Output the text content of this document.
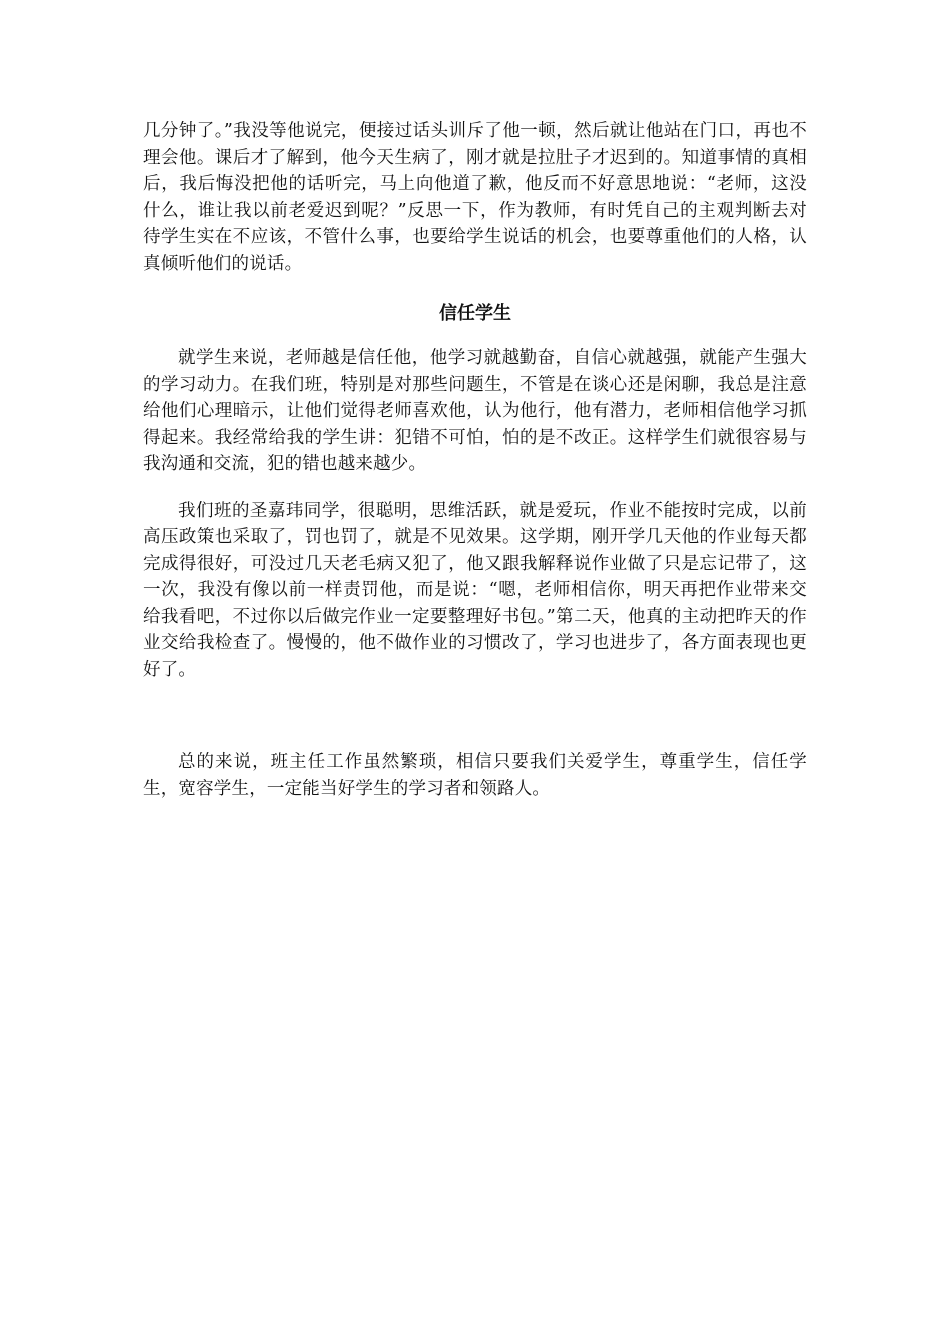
几分钟了。”我没等他说完，便接过话头训斥了他一顿，然后就让他站在门口，再也不理会他。课后才了解到，他今天生病了，刚才就是拉肚子才迟到的。知道事情的真相后，我后悔没把他的话听完，马上向他道了歉，他反而不好意思地说：“老师，这没什么，谁让我以前老爱迟到呢？”反思一下，作为教师，有时凭自己的主观判断去对待学生实在不应该，不管什么事，也要给学生说话的机会，也要尊重他们的人格，认真倾听他们的说话。

信任学生

就学生来说，老师越是信任他，他学习就越勤奋，自信心就越强，就能产生强大的学习动力。在我们班，特别是对那些问题生，不管是在谈心还是闲聊，我总是注意给他们心理暗示，让他们觉得老师喜欢他，认为他行，他有潜力，老师相信他学习抓得起来。我经常给我的学生讲：犯错不可怕，怕的是不改正。这样学生们就很容易与我沟通和交流，犯的错也越来越少。

我们班的圣嘉玮同学，很聪明，思维活跃，就是爱玩，作业不能按时完成，以前高压政策也采取了，罚也罚了，就是不见效果。这学期，刚开学几天他的作业每天都完成得很好，可没过几天老毛病又犯了，他又跟我解释说作业做了只是忘记带了，这一次，我没有像以前一样责罚他，而是说：“嗯，老师相信你，明天再把作业带来交给我看吧，不过你以后做完作业一定要整理好书包。”第二天，他真的主动把昨天的作业交给我检查了。慢慢的，他不做作业的习惯改了，学习也进步了，各方面表现也更好了。

总的来说，班主任工作虽然繁琐，相信只要我们关爱学生，尊重学生，信任学生，宽容学生，一定能当好学生的学习者和领路人。
